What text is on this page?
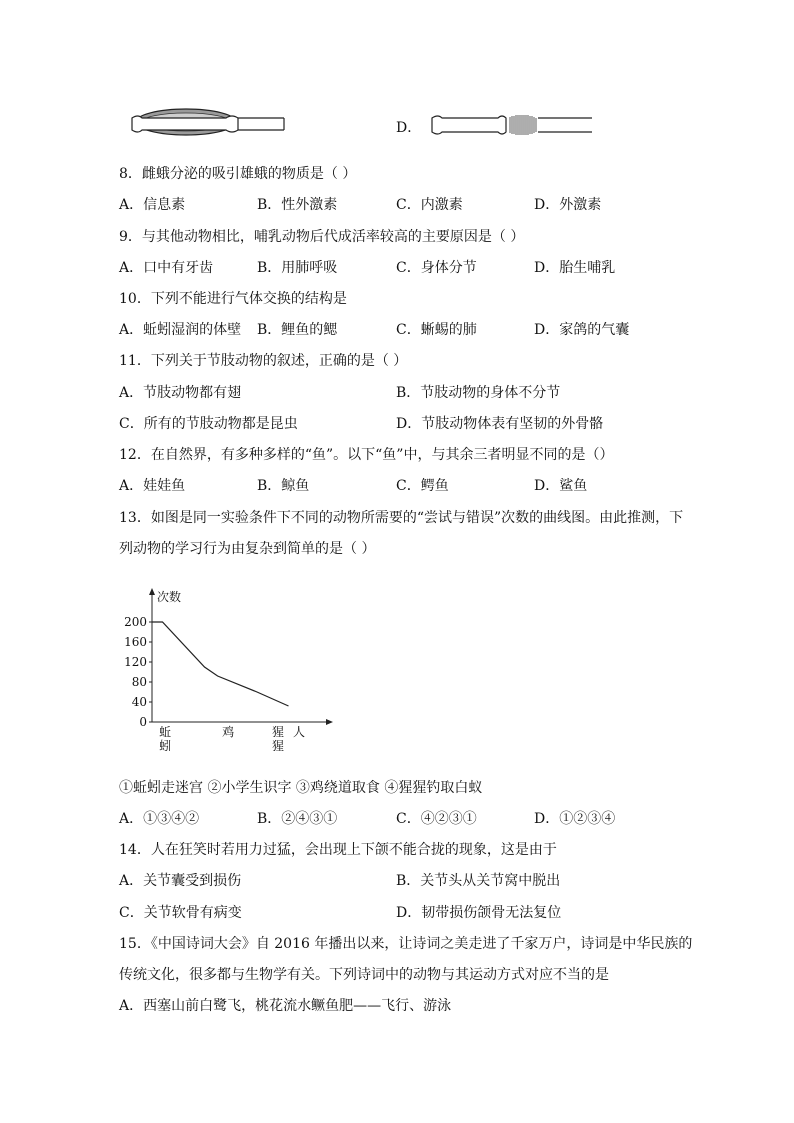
D．
8．雌蛾分泌的吸引雄蛾的物质是（ ）
A．信息素	B．性外激素	C．内激素	D．外激素
9．与其他动物相比，哺乳动物后代成活率较高的主要原因是（ ）
A．口中有牙齿	B．用肺呼吸	C．身体分节	D．胎生哺乳
10．下列不能进行气体交换的结构是
A．蚯蚓湿润的体壁 B．鲤鱼的鳃	C．蜥蜴的肺	D．家鸽的气囊
11．下列关于节肢动物的叙述，正确的是（ ）
A．节肢动物都有翅	B．节肢动物的身体不分节
C．所有的节肢动物都是昆虫	D．节肢动物体表有坚韧的外骨骼
12．在自然界，有多种多样的“鱼”。以下“鱼”中，与其余三者明显不同的是（）
A．娃娃鱼	B．鲸鱼	C．鳄鱼	D．鲨鱼
13．如图是同一实验条件下不同的动物所需要的“尝试与错误”次数的曲线图。由此推测，下
列动物的学习行为由复杂到简单的是（ ）
次数
0
40
80
120
160
200
蚯蚓
鸡	猩猩
人
①蚯蚓走迷宫 ②小学生识字 ③鸡绕道取食 ④猩猩钓取白蚁
A．①③④②	B．②④③①	C．④②③①	D．①②③④
14．人在狂笑时若用力过猛，会出现上下颌不能合拢的现象，这是由于
A．关节囊受到损伤	B．关节头从关节窝中脱出
C．关节软骨有病变	D．韧带损伤颌骨无法复位
15．《中国诗词大会》自 2016 年播出以来，让诗词之美走进了千家万户，诗词是中华民族的
传统文化，很多都与生物学有关。下列诗词中的动物与其运动方式对应不当的是
A．西塞山前白鹭飞，桃花流水鳜鱼肥——飞行、游泳
